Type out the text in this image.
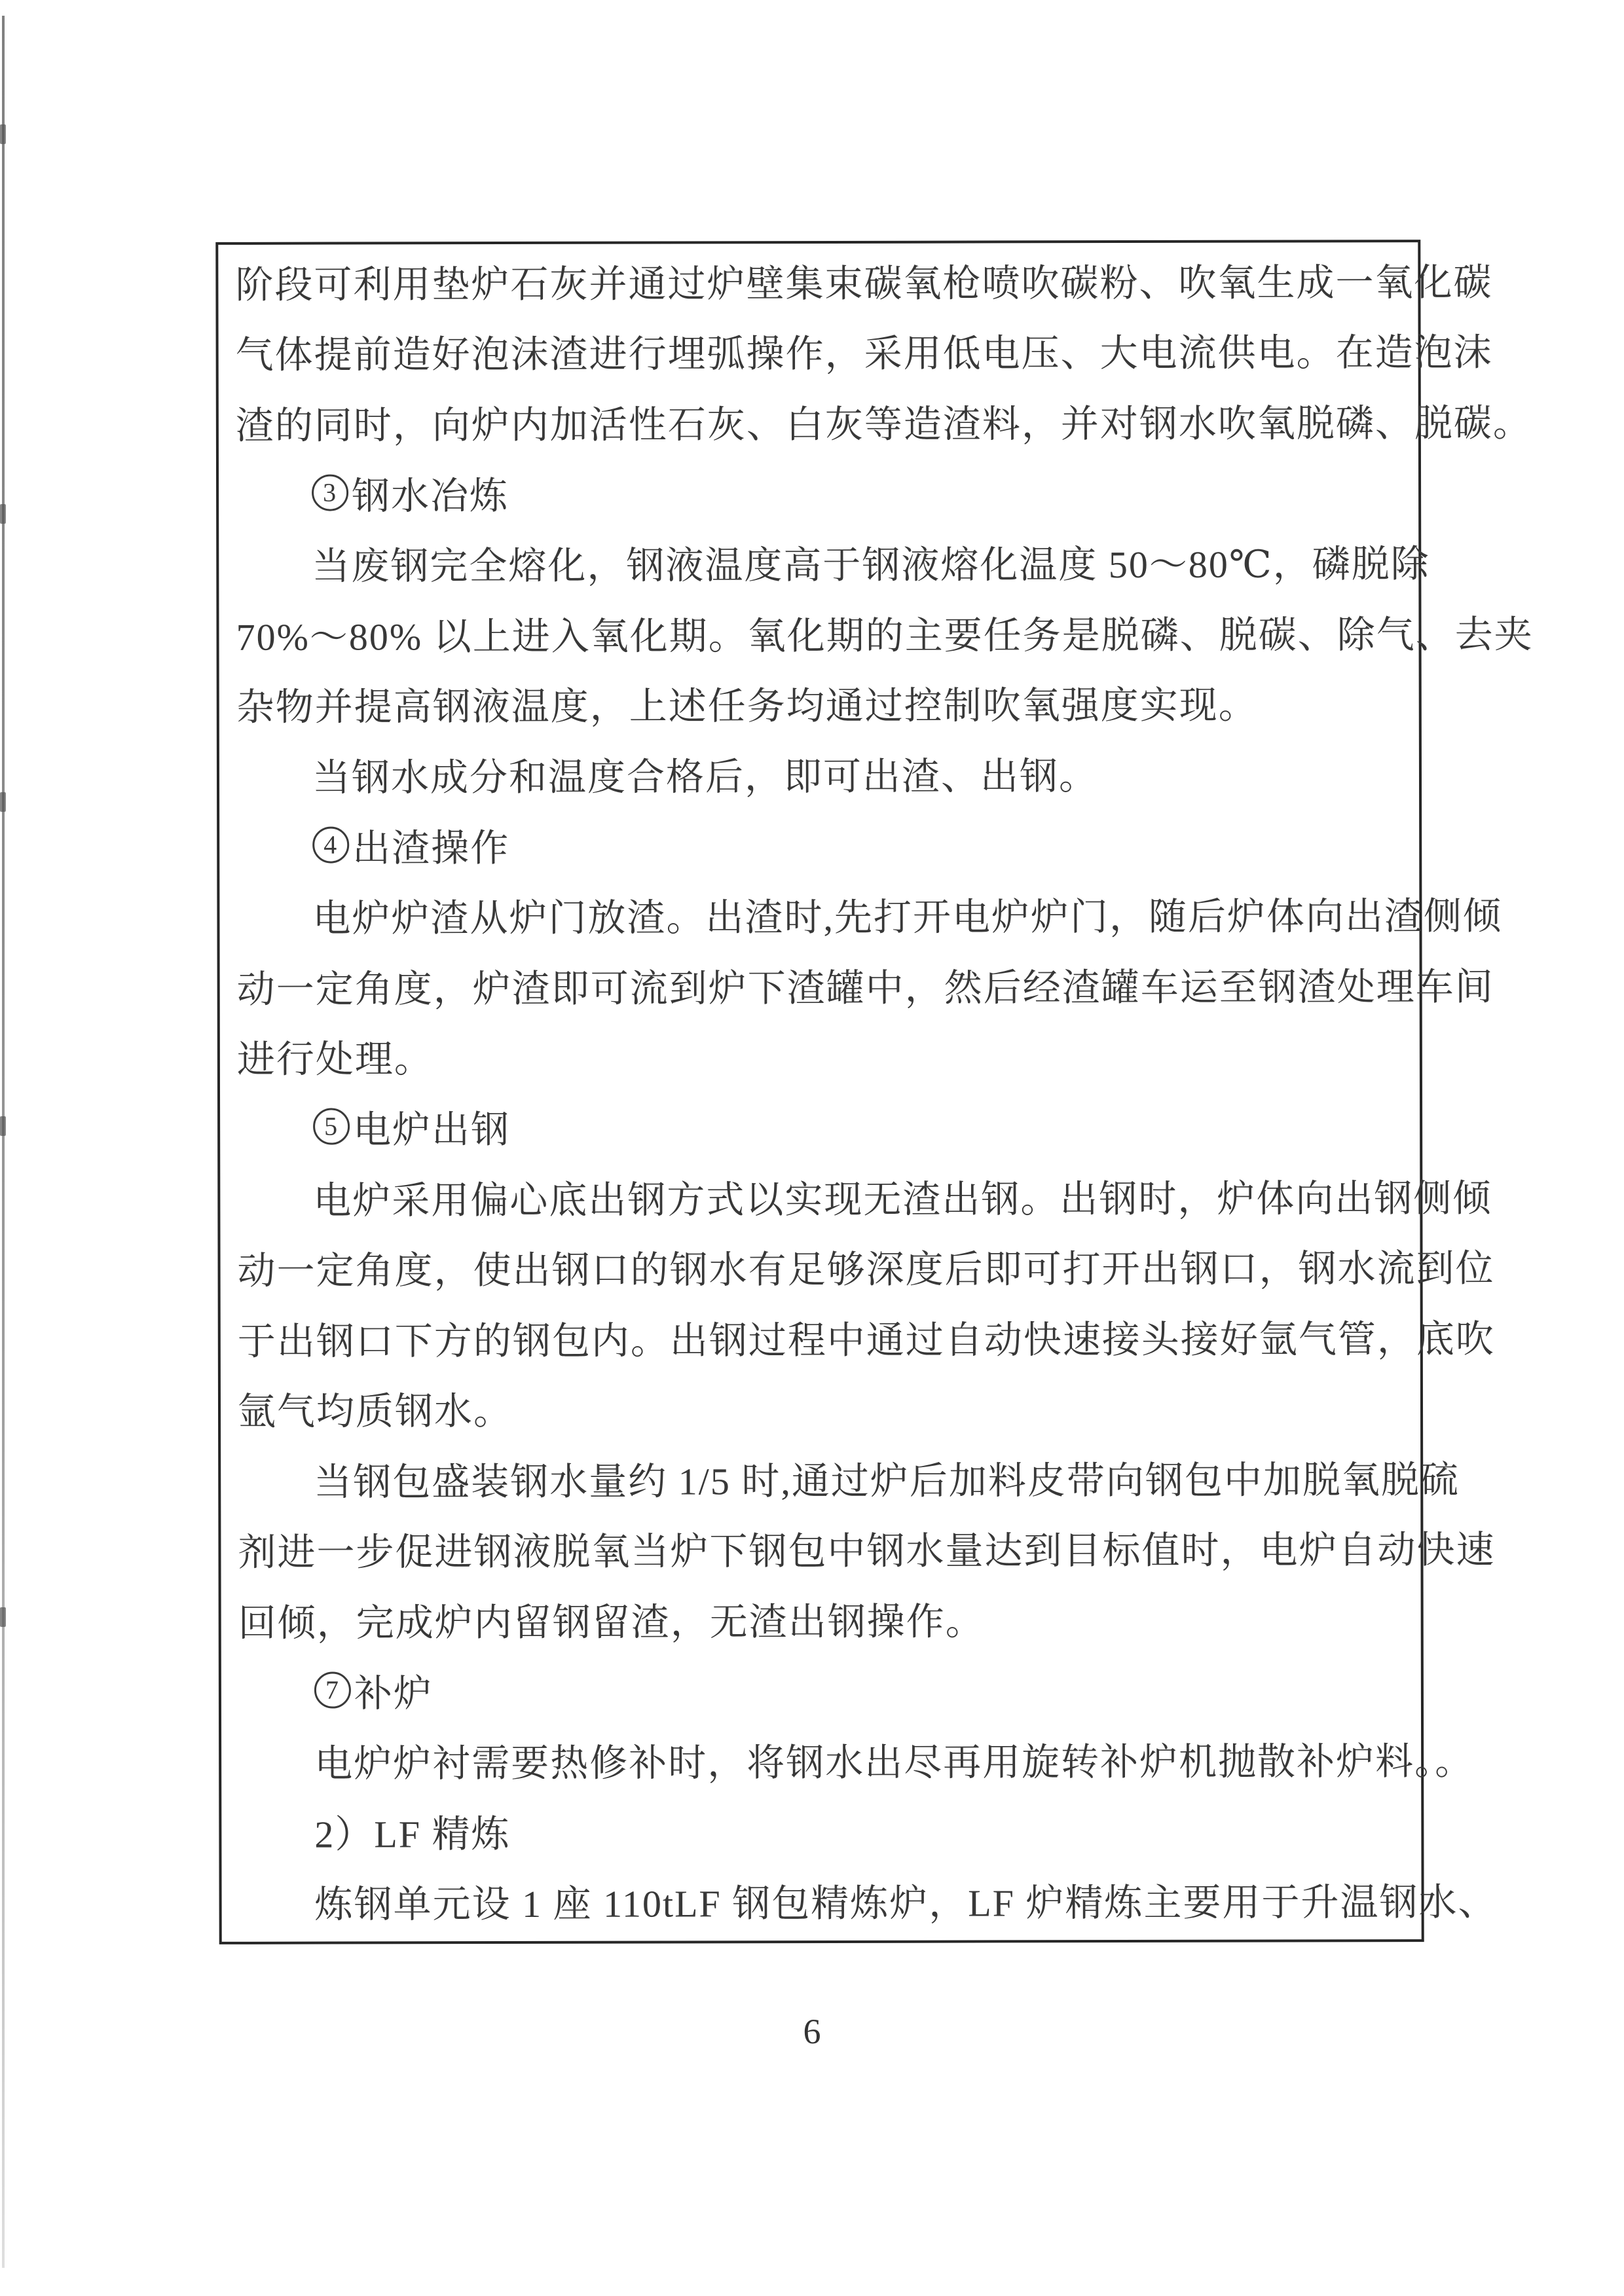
阶段可利用垫炉石灰并通过炉壁集束碳氧枪喷吹碳粉、吹氧生成一氧化碳
气体提前造好泡沫渣进行埋弧操作，采用低电压、大电流供电。在造泡沫
渣的同时，向炉内加活性石灰、白灰等造渣料，并对钢水吹氧脱磷、脱碳。
3 钢水冶炼
当废钢完全熔化，钢液温度高于钢液熔化温度 50～80℃，磷脱除
70%～80% 以上进入氧化期。氧化期的主要任务是脱磷、脱碳、除气、去夹
杂物并提高钢液温度，上述任务均通过控制吹氧强度实现。
当钢水成分和温度合格后，即可出渣、出钢。
4 出渣操作
电炉炉渣从炉门放渣。出渣时,先打开电炉炉门，随后炉体向出渣侧倾
动一定角度，炉渣即可流到炉下渣罐中，然后经渣罐车运至钢渣处理车间
进行处理。
5 电炉出钢
电炉采用偏心底出钢方式以实现无渣出钢。出钢时，炉体向出钢侧倾
动一定角度，使出钢口的钢水有足够深度后即可打开出钢口，钢水流到位
于出钢口下方的钢包内。出钢过程中通过自动快速接头接好氩气管，底吹
氩气均质钢水。
当钢包盛装钢水量约 1/5 时,通过炉后加料皮带向钢包中加脱氧脱硫
剂进一步促进钢液脱氧当炉下钢包中钢水量达到目标值时，电炉自动快速
回倾，完成炉内留钢留渣，无渣出钢操作。
7 补炉
电炉炉衬需要热修补时，将钢水出尽再用旋转补炉机抛散补炉料。。
2）LF 精炼
炼钢单元设 1 座 110tLF 钢包精炼炉，LF 炉精炼主要用于升温钢水、
6
